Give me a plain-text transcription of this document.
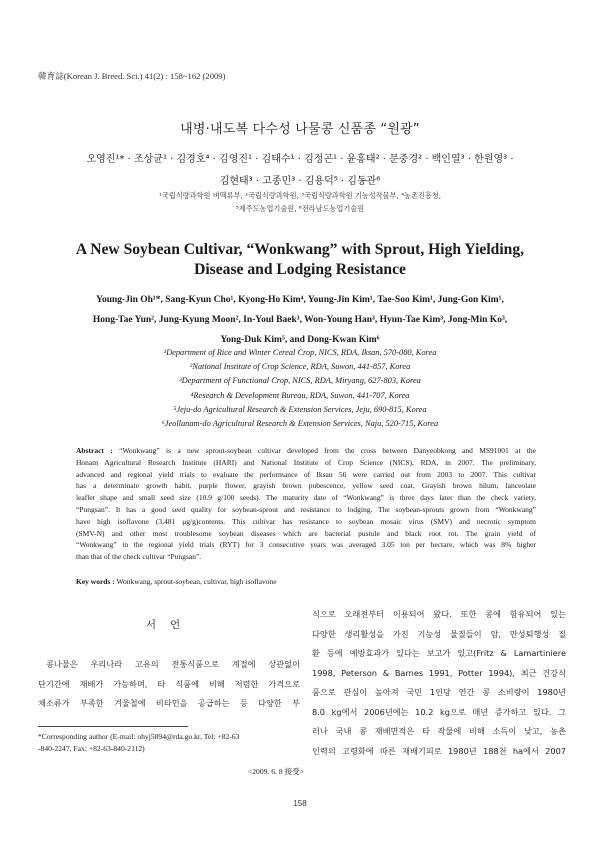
韓育誌(Korean J. Breed. Sci.) 41(2) : 158~162 (2009)
내병·내도복 다수성 나물콩 신품종 “원광”
오영진¹* · 조상균¹ · 김경호⁴ · 김영진¹ · 김태수¹ · 김정곤¹ · 윤홍태² · 문중경² · 백인열³ · 한원영³ ·
김현태³ · 고종민³ · 김용덕⁵ · 김동관⁶
¹국립식량과학원 벼맥류부, ²국립식량과학원, ³국립식량과학원 기능성작물부, ⁴농촌진흥청,
⁵제주도농업기술원, ⁶전라남도농업기술원
A New Soybean Cultivar, “Wonkwang” with Sprout, High Yielding,
Disease and Lodging Resistance
Young-Jin Oh¹*, Sang-Kyun Cho¹, Kyong-Ho Kim⁴, Young-Jin Kim¹, Tae-Soo Kim¹, Jung-Gon Kim¹,
Hong-Tae Yun², Jung-Kyung Moon², In-Youl Baek³, Won-Young Han³, Hyun-Tae Kim³, Jong-Min Ko³,
Yong-Duk Kim⁵, and Dong-Kwan Kim⁶
¹Department of Rice and Winter Cereal Crop, NICS, RDA, Iksan, 570-080, Korea
²National Institute of Crop Science, RDA, Suwon, 441-857, Korea
³Department of Functional Crop, NICS, RDA, Miryang, 627-803, Korea
⁴Research & Development Bureau, RDA, Suwon, 441-707, Korea
⁵Jeju-do Agricultural Research & Extension Services, Jeju, 690-815, Korea
⁶Jeollanam-do Agricultural Research & Extension Services, Naju, 520-715, Korea
Abstract : “Wonkwang” is a new sprout-soybean cultivar developed from the cross between Danyeobkong and MS91001 at the
Honam Agricultural Research Institute (HARI) and National Institute of Crop Science (NICS), RDA, in 2007. The preliminary,
advanced and regional yield trials to evaluate the performance of Iksan 56 were carried out from 2003 to 2007. This cultivar
has a determinate growth habit, purple flower, grayish brown pubescence, yellow seed coat, Grayish brown hilum, lanceolate
leaflet shape and small seed size (10.9 g/100 seeds). The maturity date of “Wonkwang” is three days later than the check variety,
“Pungsan”. It has a good seed quality for soybean-sprout and resistance to lodging. The soybean-sprouts grown from “Wonkwang”
have high isoflavone (3,481 μg/g)contents. This cultivar has resistance to soybean mosaic virus (SMV) and necrotic symptom
(SMV-N) and other most troublesome soybean diseases which are bacterial pustule and black root rot. The grain yield of
“Wonkwang” in the regional yield trials (RYT) for 3 consecutive years was averaged 3.05 ton per hectare, which was 8% higher
than that of the check cultivar “Pungsan”.
Key words : Wonkwang, sprout-soybean, cultivar, high isoflavone
서언
콩나물은 우리나라 고유의 전통식품으로 계절에 상관없이
단기간에 재배가 가능하며, 타 식품에 비해 저렴한 가격으로
채소류가 부족한 겨울철에 비타민을 공급하는 등 다양한 부
*Corresponding author (E-mail: ohyj5894@rda.go.kr, Tel: +82-63
-840-2247, Fax: +82-63-840-2112)
<2009. 6. 8 接受>
식으로 오래전부터 이용되어 왔다. 또한 콩에 함유되어 있는
다양한 생리활성을 가진 기능성 물질들이 암, 만성퇴행성 질
환 등에 예방효과가 있다는 보고가 있고(Fritz & Lamartiniere
1998, Peterson & Barnes 1991, Potter 1994), 최근 건강식
품으로 관심이 높아져 국민 1인당 연간 콩 소비량이 1980년
8.0 kg에서 2006년에는 10.2 kg으로 매년 증가하고 있다. 그
러나 국내 콩 재배면적은 타 작물에 비해 소득이 낮고, 농촌
인력의 고령화에 따른 재배기피로 1980년 188천 ha에서 2007
158
